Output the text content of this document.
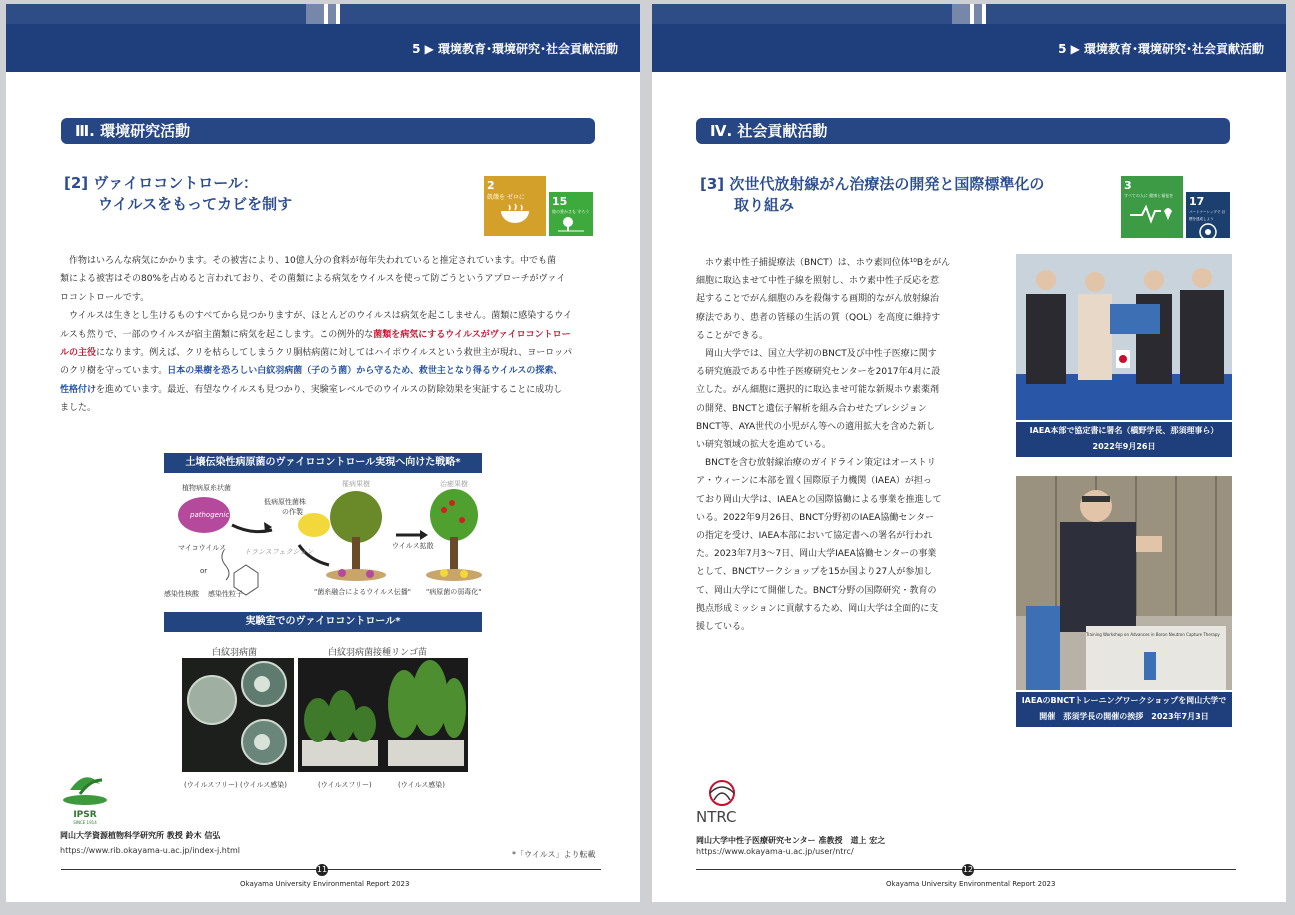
5 ▶ 環境教育･環境研究･社会貢献活動
Ⅲ. 環境研究活動
[2] ヴァイロコントロール：
ウイルスをもってカビを制す
2
飢餓を ゼロに	15
陸の豊かさも 守ろう

作物はいろんな病気にかかります。その被害により、10億人分の食料が毎年失われていると推定されています。中でも菌

類による被害はその80%を占めると言われており、その菌類による病気をウイルスを使って防ごうというアプローチがヴァイ
ロコントロールです。

ウイルスは生きとし生けるものすべてから見つかりますが、ほとんどのウイルスは病気を起こしません。菌類に感染するウイ

ルスも然りで、一部のウイルスが宿主菌類に病気を起こします。この例外的な菌類を病気にするウイルスがヴァイロコントロー
ルの主役になります。例えば、クリを枯らしてしまうクリ胴枯病菌に対してはハイポウイルスという救世主が現れ、ヨーロッパ
のクリ樹を守っています。日本の果樹を恐ろしい白紋羽病菌（子のう菌）から守るため、救世主となり得るウイルスの探索、
性格付けを進めています。最近、有望なウイルスも見つかり、実験室レベルでのウイルスの防除効果を実証することに成功し
ました。
土壌伝染性病原菌のヴァイロコントロール実現へ向けた戦略*
植物病原糸状菌
pathogenic fungus
低病原性菌株
の作製
マイコウイルス	トランスフェクション
or
感染性核酸 感染性粒子
罹病果樹	治癒果樹
ウイルス拡散
"菌糸融合によるウイルス伝播" "病原菌の弱毒化"
実験室でのヴァイロコントロール*
白紋羽病菌	白紋羽病菌接種リンゴ苗
(ウイルスフリー) (ウイルス感染)	(ウイルスフリー)	(ウイルス感染)
IPSR
SINCE 1914
岡山大学資源植物科学研究所 教授 鈴木 信弘
https://www.rib.okayama-u.ac.jp/index-j.html	*「ウイルス」より転載
11
Okayama University Environmental Report 2023
5 ▶ 環境教育･環境研究･社会貢献活動
Ⅳ. 社会貢献活動
[3] 次世代放射線がん治療法の開発と国際標準化の
取り組み
3
すべての人に 健康と福祉を	17
パートナーシップで 目標を達成しよう
ホウ素中性子捕捉療法（BNCT）は、ホウ素同位体¹⁰Bをがん
細胞に取込ませて中性子線を照射し、ホウ素中性子反応を惹
起することでがん細胞のみを殺傷する画期的ながん放射線治
療法であり、患者の皆様の生活の質（QOL）を高度に維持す
ることができる。
岡山大学では、国立大学初のBNCT及び中性子医療に関す
る研究施設である中性子医療研究センターを2017年4月に設
立した。がん細胞に選択的に取込ませ可能な新規ホウ素薬剤
の開発、BNCTと遺伝子解析を組み合わせたプレシジョン
BNCT等、AYA世代の小児がん等への適用拡大を含めた新し
い研究領域の拡大を進めている。
BNCTを含む放射線治療のガイドライン策定はオーストリ
ア・ウィーンに本部を置く国際原子力機関（IAEA）が担っ
ており岡山大学は、IAEAとの国際協働による事業を推進して
いる。2022年9月26日、BNCT分野初のIAEA協働センター
の指定を受け、IAEA本部において協定書への署名が行われ
た。2023年7月3～7日、岡山大学IAEA協働センターの事業
として、BNCTワークショップを15か国より27人が参加し
て、岡山大学にて開催した。BNCT分野の国際研究・教育の
拠点形成ミッションに貢献するため、岡山大学は全面的に支
援している。
IAEA本部で協定書に署名（槇野学長、那須理事ら）
2022年9月26日
Training Workshop on Advances in Boron Neutron Capture Therapy
IAEAのBNCTトレーニングワークショップを岡山大学で
開催　那須学長の開催の挨拶　2023年7月3日
NTRC
岡山大学中性子医療研究センター 准教授　道上 宏之
https://www.okayama-u.ac.jp/user/ntrc/
12
Okayama University Environmental Report 2023
